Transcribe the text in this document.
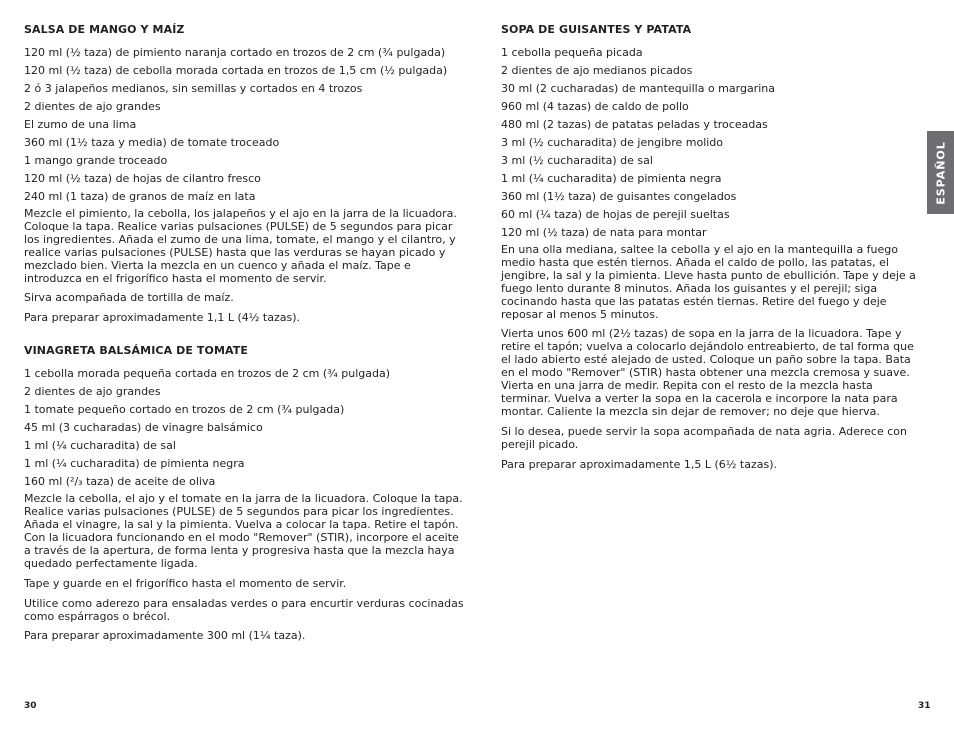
SALSA DE MANGO Y MAÍZ

120 ml (½ taza) de pimiento naranja cortado en trozos de 2 cm (¾ pulgada)

120 ml (½ taza) de cebolla morada cortada en trozos de 1,5 cm (½ pulgada)

2 ó 3 jalapeños medianos, sin semillas y cortados en 4 trozos

2 dientes de ajo grandes

El zumo de una lima

360 ml (1½ taza y media) de tomate troceado

1 mango grande troceado

120 ml (½ taza) de hojas de cilantro fresco

240 ml (1 taza) de granos de maíz en lata

Mezcle el pimiento, la cebolla, los jalapeños y el ajo en la jarra de la licuadora. Coloque la tapa. Realice varias pulsaciones (PULSE) de 5 segundos para picar los ingredientes. Añada el zumo de una lima, tomate, el mango y el cilantro, y realice varias pulsaciones (PULSE) hasta que las verduras se hayan picado y mezclado bien. Vierta la mezcla en un cuenco y añada el maíz. Tape e introduzca en el frigorífico hasta el momento de servir.

Sirva acompañada de tortilla de maíz.

Para preparar aproximadamente 1,1 L (4½ tazas).

VINAGRETA BALSÁMICA DE TOMATE

1 cebolla morada pequeña cortada en trozos de 2 cm (¾ pulgada)

2 dientes de ajo grandes

1 tomate pequeño cortado en trozos de 2 cm (¾ pulgada)

45 ml (3 cucharadas) de vinagre balsámico

1 ml (¼ cucharadita) de sal

1 ml (¼ cucharadita) de pimienta negra

160 ml (²/₃ taza) de aceite de oliva

Mezcle la cebolla, el ajo y el tomate en la jarra de la licuadora. Coloque la tapa. Realice varias pulsaciones (PULSE) de 5 segundos para picar los ingredientes. Añada el vinagre, la sal y la pimienta. Vuelva a colocar la tapa. Retire el tapón. Con la licuadora funcionando en el modo "Remover" (STIR), incorpore el aceite a través de la apertura, de forma lenta y progresiva hasta que la mezcla haya quedado perfectamente ligada.

Tape y guarde en el frigorífico hasta el momento de servir.

Utilice como aderezo para ensaladas verdes o para encurtir verduras cocinadas como espárragos o brécol.

Para preparar aproximadamente 300 ml (1¼ taza).

30
SOPA DE GUISANTES Y PATATA

1 cebolla pequeña picada

2 dientes de ajo medianos picados

30 ml (2 cucharadas) de mantequilla o margarina

960 ml (4 tazas) de caldo de pollo

480 ml (2 tazas) de patatas peladas y troceadas

3 ml (½ cucharadita) de jengibre molido

3 ml (½ cucharadita) de sal

1 ml (¼ cucharadita) de pimienta negra

360 ml (1½ taza) de guisantes congelados

60 ml (¼ taza) de hojas de perejil sueltas

120 ml (½ taza) de nata para montar

En una olla mediana, saltee la cebolla y el ajo en la mantequilla a fuego medio hasta que estén tiernos. Añada el caldo de pollo, las patatas, el jengibre, la sal y la pimienta. Lleve hasta punto de ebullición. Tape y deje a fuego lento durante 8 minutos. Añada los guisantes y el perejil; siga cocinando hasta que las patatas estén tiernas. Retire del fuego y deje reposar al menos 5 minutos.

Vierta unos 600 ml (2½ tazas) de sopa en la jarra de la licuadora. Tape y retire el tapón; vuelva a colocarlo dejándolo entreabierto, de tal forma que el lado abierto esté alejado de usted. Coloque un paño sobre la tapa. Bata en el modo "Remover" (STIR) hasta obtener una mezcla cremosa y suave. Vierta en una jarra de medir. Repita con el resto de la mezcla hasta terminar. Vuelva a verter la sopa en la cacerola e incorpore la nata para montar. Caliente la mezcla sin dejar de remover; no deje que hierva.

Si lo desea, puede servir la sopa acompañada de nata agria. Aderece con perejil picado.

Para preparar aproximadamente 1,5 L (6½ tazas).

31
ESPAÑOL
